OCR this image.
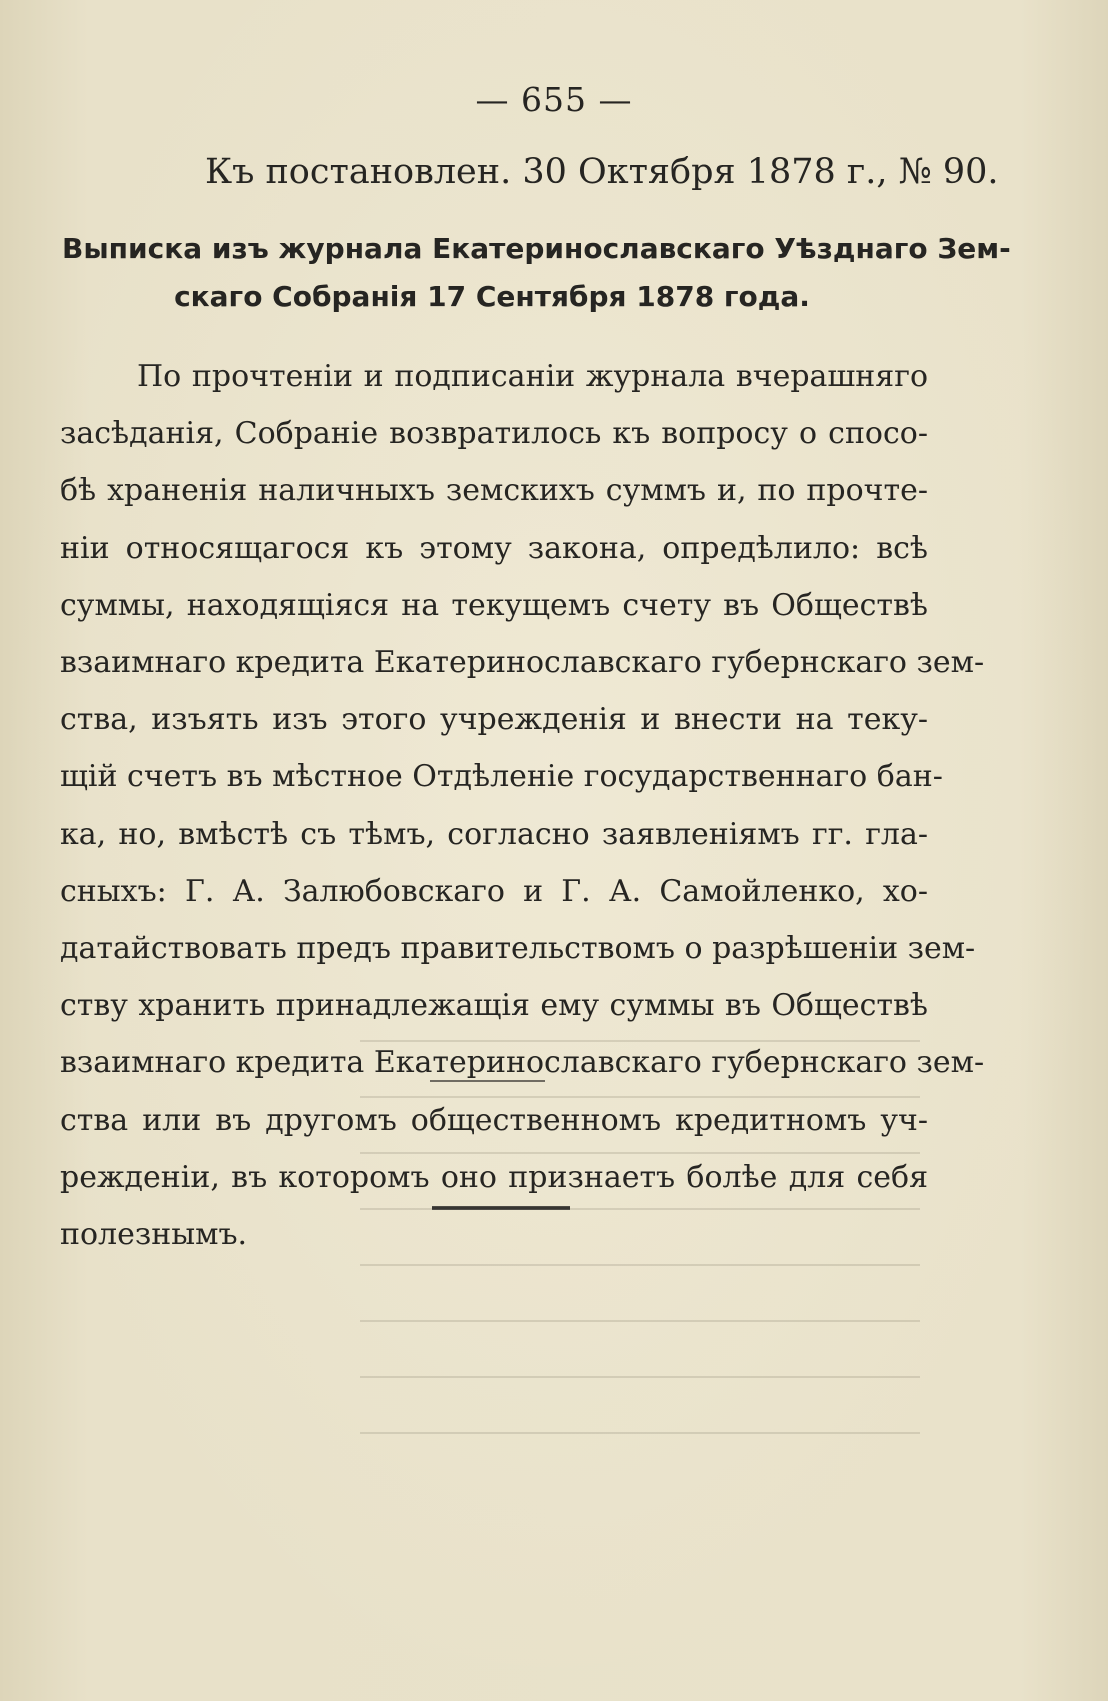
— 655 —
Къ постановлен. 30 Октября 1878 г., № 90.
Выписка изъ журнала Екатеринославскаго Уѣзднаго Зем-
скаго Собранія 17 Сентября 1878 года.
По прочтеніи и подписаніи журнала вчерашняго
засѣданія, Собраніе возвратилось къ вопросу о спосо-
бѣ храненія наличныхъ земскихъ суммъ и, по прочте-
ніи относящагося къ этому закона, опредѣлило: всѣ
суммы, находящіяся на текущемъ счету въ Обществѣ
взаимнаго кредита Екатеринославскаго губернскаго зем-
ства, изъять изъ этого учрежденія и внести на теку-
щій счетъ въ мѣстное Отдѣленіе государственнаго бан-
ка, но, вмѣстѣ съ тѣмъ, согласно заявленіямъ гг. гла-
сныхъ: Г. А. Залюбовскаго и Г. А. Самойленко, хо-
датайствовать предъ правительствомъ о разрѣшеніи зем-
ству хранить принадлежащія ему суммы въ Обществѣ
взаимнаго кредита Екатеринославскаго губернскаго зем-
ства или въ другомъ общественномъ кредитномъ уч-
режденіи, въ которомъ оно признаетъ болѣе для себя
полезнымъ.
